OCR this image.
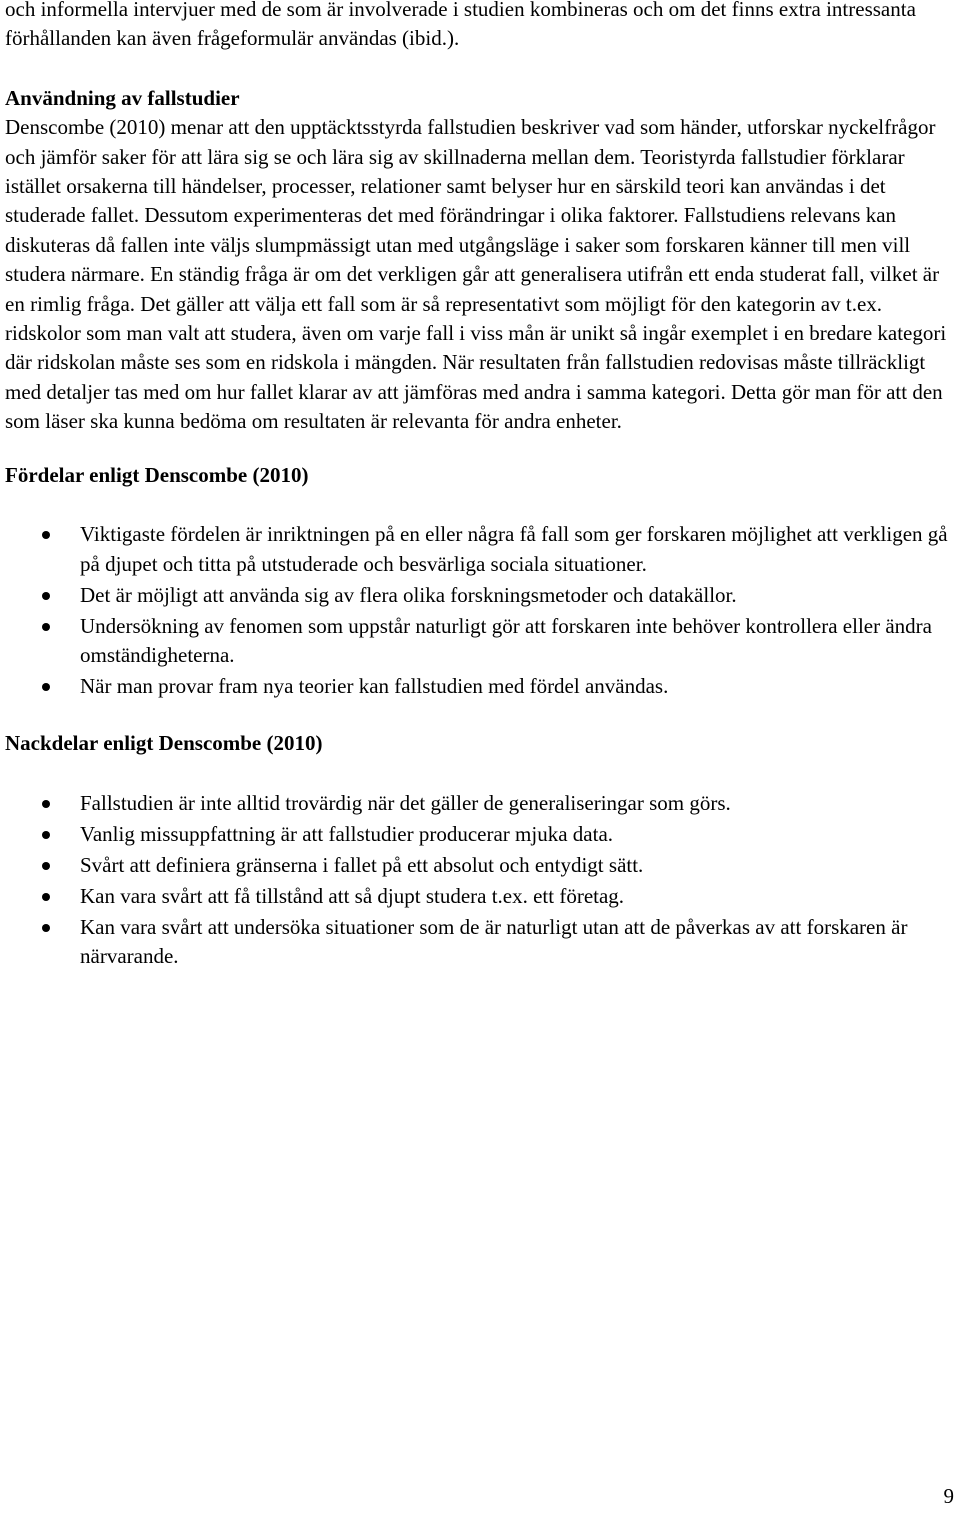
och informella intervjuer med de som är involverade i studien kombineras och om det finns extra intressanta förhållanden kan även frågeformulär användas (ibid.).

Användning av fallstudier

Denscombe (2010) menar att den upptäcktsstyrda fallstudien beskriver vad som händer, utforskar nyckelfrågor och jämför saker för att lära sig se och lära sig av skillnaderna mellan dem. Teoristyrda fallstudier förklarar istället orsakerna till händelser, processer, relationer samt belyser hur en särskild teori kan användas i det studerade fallet. Dessutom experimenteras det med förändringar i olika faktorer. Fallstudiens relevans kan diskuteras då fallen inte väljs slumpmässigt utan med utgångsläge i saker som forskaren känner till men vill studera närmare. En ständig fråga är om det verkligen går att generalisera utifrån ett enda studerat fall, vilket är en rimlig fråga. Det gäller att välja ett fall som är så representativt som möjligt för den kategorin av t.ex. ridskolor som man valt att studera, även om varje fall i viss mån är unikt så ingår exemplet i en bredare kategori där ridskolan måste ses som en ridskola i mängden. När resultaten från fallstudien redovisas måste tillräckligt med detaljer tas med om hur fallet klarar av att jämföras med andra i samma kategori. Detta gör man för att den som läser ska kunna bedöma om resultaten är relevanta för andra enheter.

Fördelar enligt Denscombe (2010)

Viktigaste fördelen är inriktningen på en eller några få fall som ger forskaren möjlighet att verkligen gå på djupet och titta på utstuderade och besvärliga sociala situationer.
Det är möjligt att använda sig av flera olika forskningsmetoder och datakällor.
Undersökning av fenomen som uppstår naturligt gör att forskaren inte behöver kontrollera eller ändra omständigheterna.
När man provar fram nya teorier kan fallstudien med fördel användas.

Nackdelar enligt Denscombe (2010)

Fallstudien är inte alltid trovärdig när det gäller de generaliseringar som görs.
Vanlig missuppfattning är att fallstudier producerar mjuka data.
Svårt att definiera gränserna i fallet på ett absolut och entydigt sätt.
Kan vara svårt att få tillstånd att så djupt studera t.ex. ett företag.
Kan vara svårt att undersöka situationer som de är naturligt utan att de påverkas av att forskaren är närvarande.
9
